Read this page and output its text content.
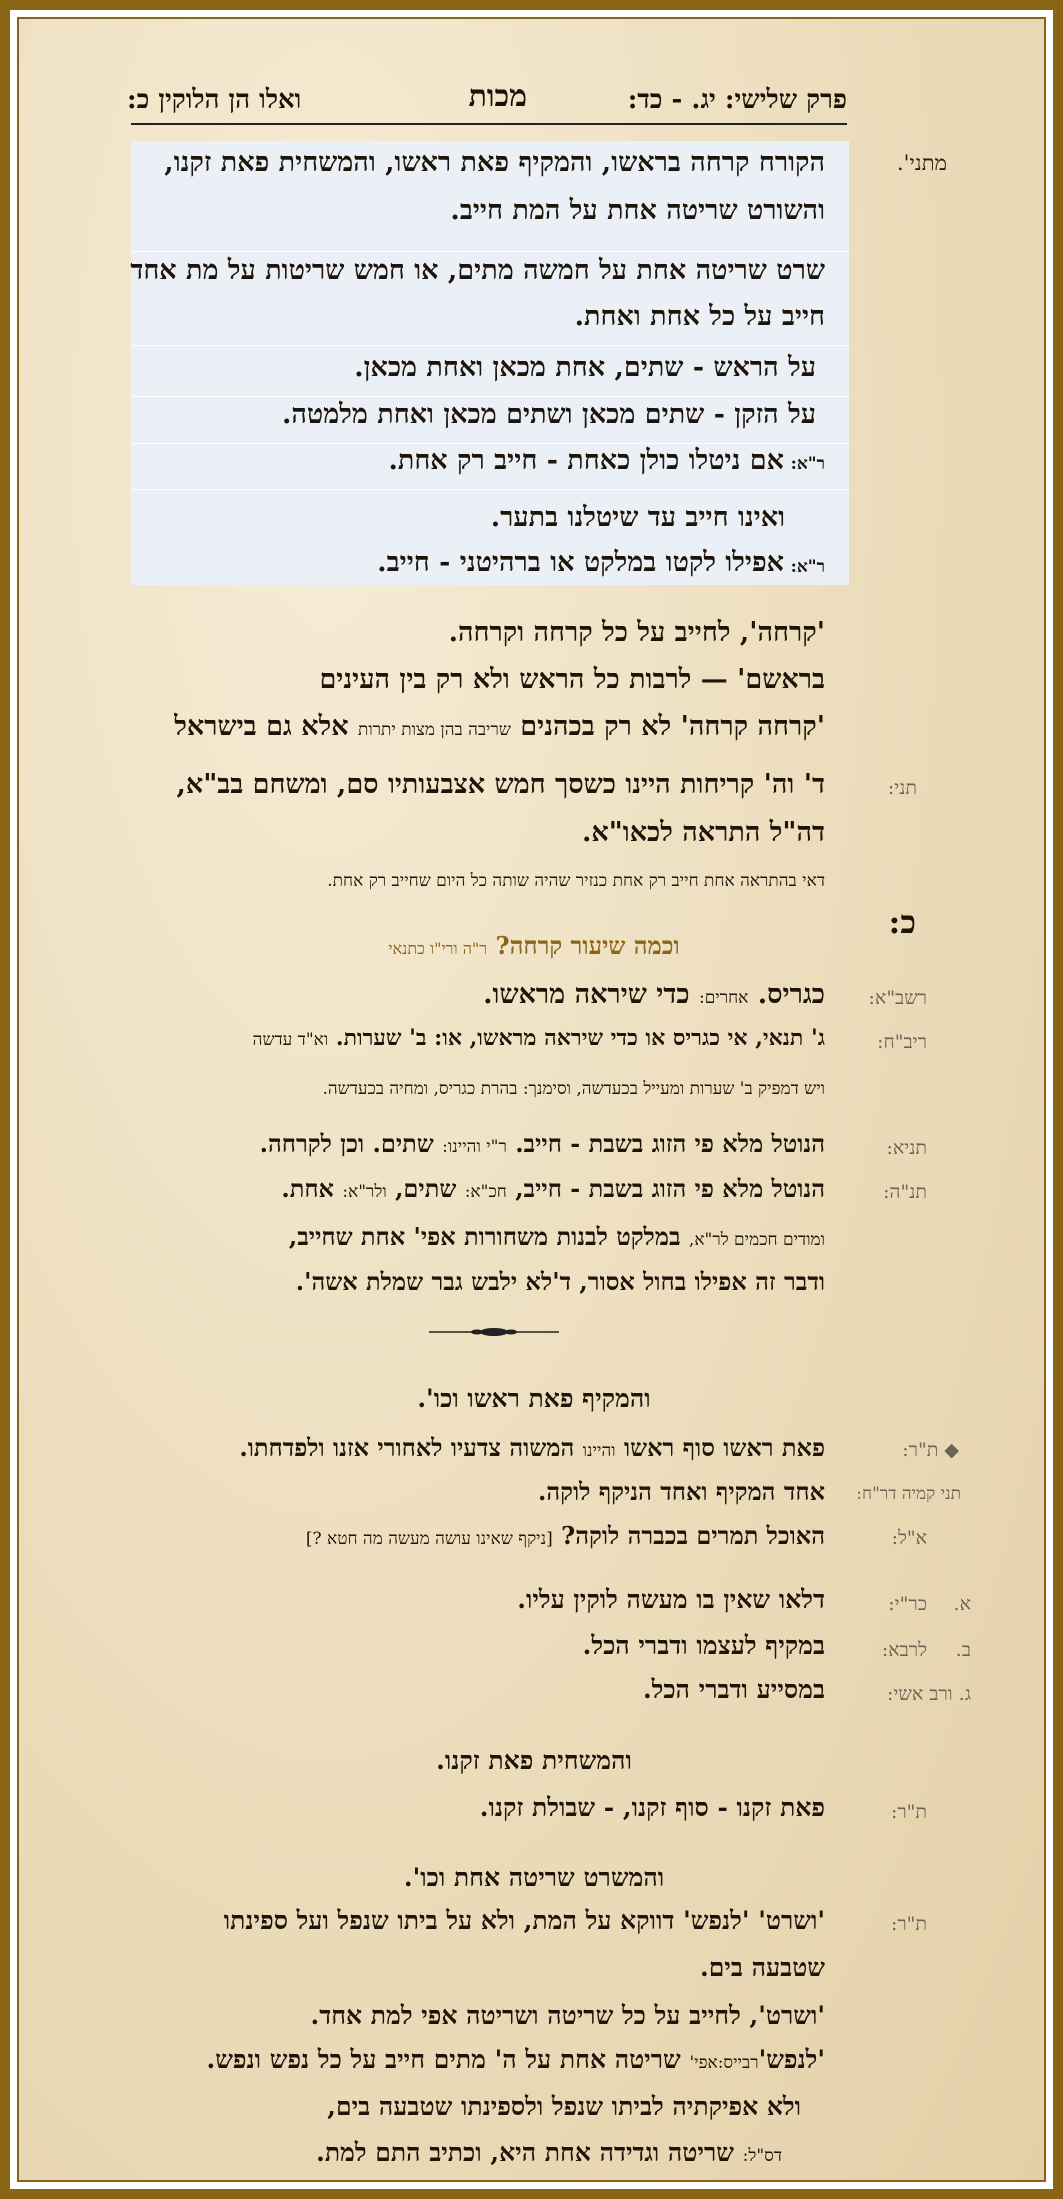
פרק שלישי: יג. - כד:
מכות
ואלו הן הלוקין כ:
מתני'.
הקורח קרחה בראשו, והמקיף פאת ראשו, והמשחית פאת זקנו,
והשורט שריטה אחת על המת חייב.
שרט שריטה אחת על חמשה מתים, או חמש שריטות על מת אחד
חייב על כל אחת ואחת.
על הראש - שתים, אחת מכאן ואחת מכאן.
על הזקן - שתים מכאן ושתים מכאן ואחת מלמטה.
ר"א:
אם ניטלו כולן כאחת - חייב רק אחת.
ואינו חייב עד שיטלנו בתער.
ר"א:
אפילו לקטו במלקט או ברהיטני - חייב.
'קרחה', לחייב על כל קרחה וקרחה.
בראשם' — לרבות כל הראש ולא רק בין העינים
'קרחה קרחה' לא רק בכהנים שריבה בהן מצות יתרות אלא גם בישראל
תני:
ד' וה' קריחות היינו כשסך חמש אצבעותיו סם, ומשחם בב"א,
דה"ל התראה לכאו"א.
דאי בהתראה אחת חייב רק אחת כנזיר שהיה שותה כל היום שחייב רק אחת.
כ:
וכמה שיעור קרחה? ר"ה ורי"ו כתנאי
רשב"א:
כגריס. אחרים: כדי שיראה מראשו.
ריב"ח:
ג' תנאי, אי כגריס או כדי שיראה מראשו, או: ב' שערות. וא"ד עדשה
ויש דמפיק ב' שערות ומעייל בכעדשה, וסימנך: בהרת כגריס, ומחיה בכעדשה.
תניא:
הנוטל מלא פי הזוג בשבת - חייב. ר"י והיינו: שתים. וכן לקרחה.
תנ"ה:
הנוטל מלא פי הזוג בשבת - חייב, חכ"א: שתים, ולר"א: אחת.
ומודים חכמים לר"א, במלקט לבנות משחורות אפי' אחת שחייב,
ודבר זה אפילו בחול אסור, ד'לא ילבש גבר שמלת אשה'.
והמקיף פאת ראשו וכו'.
◆ ת"ר:
פאת ראשו סוף ראשו והיינו המשוה צדעיו לאחורי אזנו ולפדחתו.
תני קמיה דר"ח:
אחד המקיף ואחד הניקף לוקה.
א"ל:
האוכל תמרים בכברה לוקה? [ניקף שאינו עושה מעשה מה חטא ?]
כר"י: א.
דלאו שאין בו מעשה לוקין עליו.
לרבא: ב.
במקיף לעצמו ודברי הכל.
ג. ורב אשי:
במסייע ודברי הכל.
והמשחית פאת זקנו.
ת"ר:
פאת זקנו - סוף זקנו, - שבולת זקנו.
והמשרט שריטה אחת וכו'.
ת"ר:
'ושרט' 'לנפש' דווקא על המת, ולא על ביתו שנפל ועל ספינתו
שטבעה בים.
'ושרט', לחייב על כל שריטה ושריטה אפי למת אחד.
'לנפש'רבייס:אפי' שריטה אחת על ה' מתים חייב על כל נפש ונפש.
ולא אפיקתיה לביתו שנפל ולספינתו שטבעה בים,
דס"ל: שריטה וגדידה אחת היא, וכתיב התם למת.
